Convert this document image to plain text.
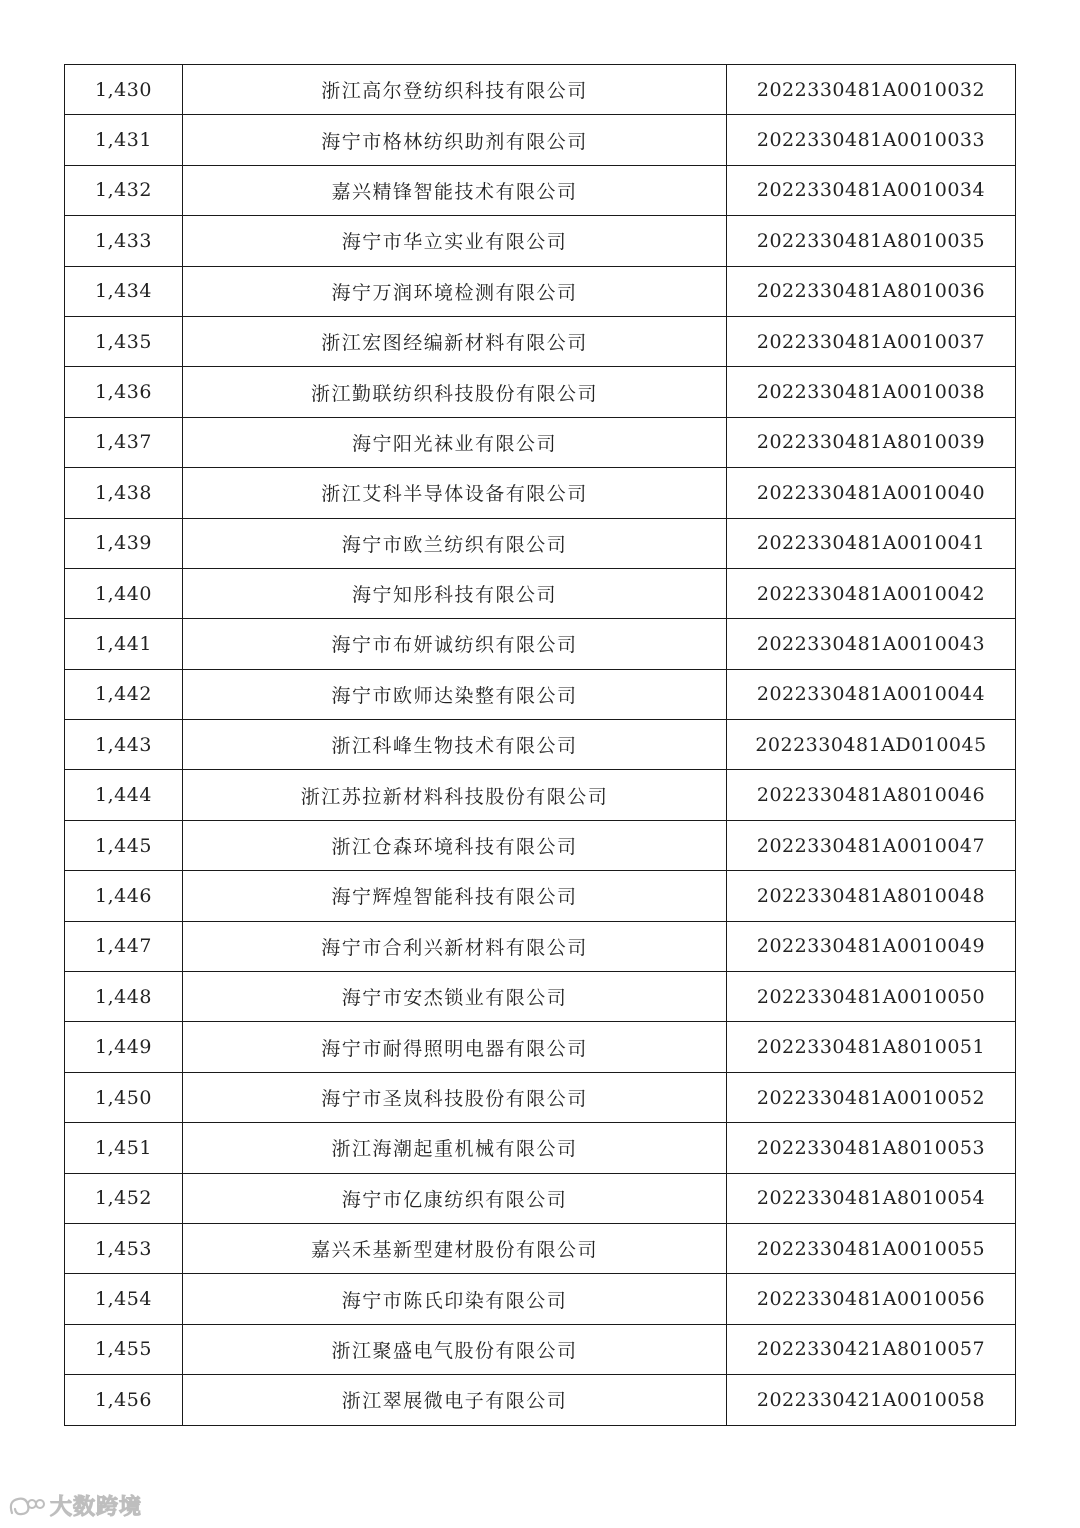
1,430	浙江高尔登纺织科技有限公司	2022330481A0010032
1,431	海宁市格林纺织助剂有限公司	2022330481A0010033
1,432	嘉兴精锋智能技术有限公司	2022330481A0010034
1,433	海宁市华立实业有限公司	2022330481A8010035
1,434	海宁万润环境检测有限公司	2022330481A8010036
1,435	浙江宏图经编新材料有限公司	2022330481A0010037
1,436	浙江勤联纺织科技股份有限公司	2022330481A0010038
1,437	海宁阳光袜业有限公司	2022330481A8010039
1,438	浙江艾科半导体设备有限公司	2022330481A0010040
1,439	海宁市欧兰纺织有限公司	2022330481A0010041
1,440	海宁知彤科技有限公司	2022330481A0010042
1,441	海宁市布妍诚纺织有限公司	2022330481A0010043
1,442	海宁市欧师达染整有限公司	2022330481A0010044
1,443	浙江科峰生物技术有限公司	2022330481AD010045
1,444	浙江苏拉新材料科技股份有限公司	2022330481A8010046
1,445	浙江仓森环境科技有限公司	2022330481A0010047
1,446	海宁辉煌智能科技有限公司	2022330481A8010048
1,447	海宁市合利兴新材料有限公司	2022330481A0010049
1,448	海宁市安杰锁业有限公司	2022330481A0010050
1,449	海宁市耐得照明电器有限公司	2022330481A8010051
1,450	海宁市圣岚科技股份有限公司	2022330481A0010052
1,451	浙江海潮起重机械有限公司	2022330481A8010053
1,452	海宁市亿康纺织有限公司	2022330481A8010054
1,453	嘉兴禾基新型建材股份有限公司	2022330481A0010055
1,454	海宁市陈氏印染有限公司	2022330481A0010056
1,455	浙江聚盛电气股份有限公司	2022330421A8010057
1,456	浙江翠展微电子有限公司	2022330421A0010058
大数跨境
